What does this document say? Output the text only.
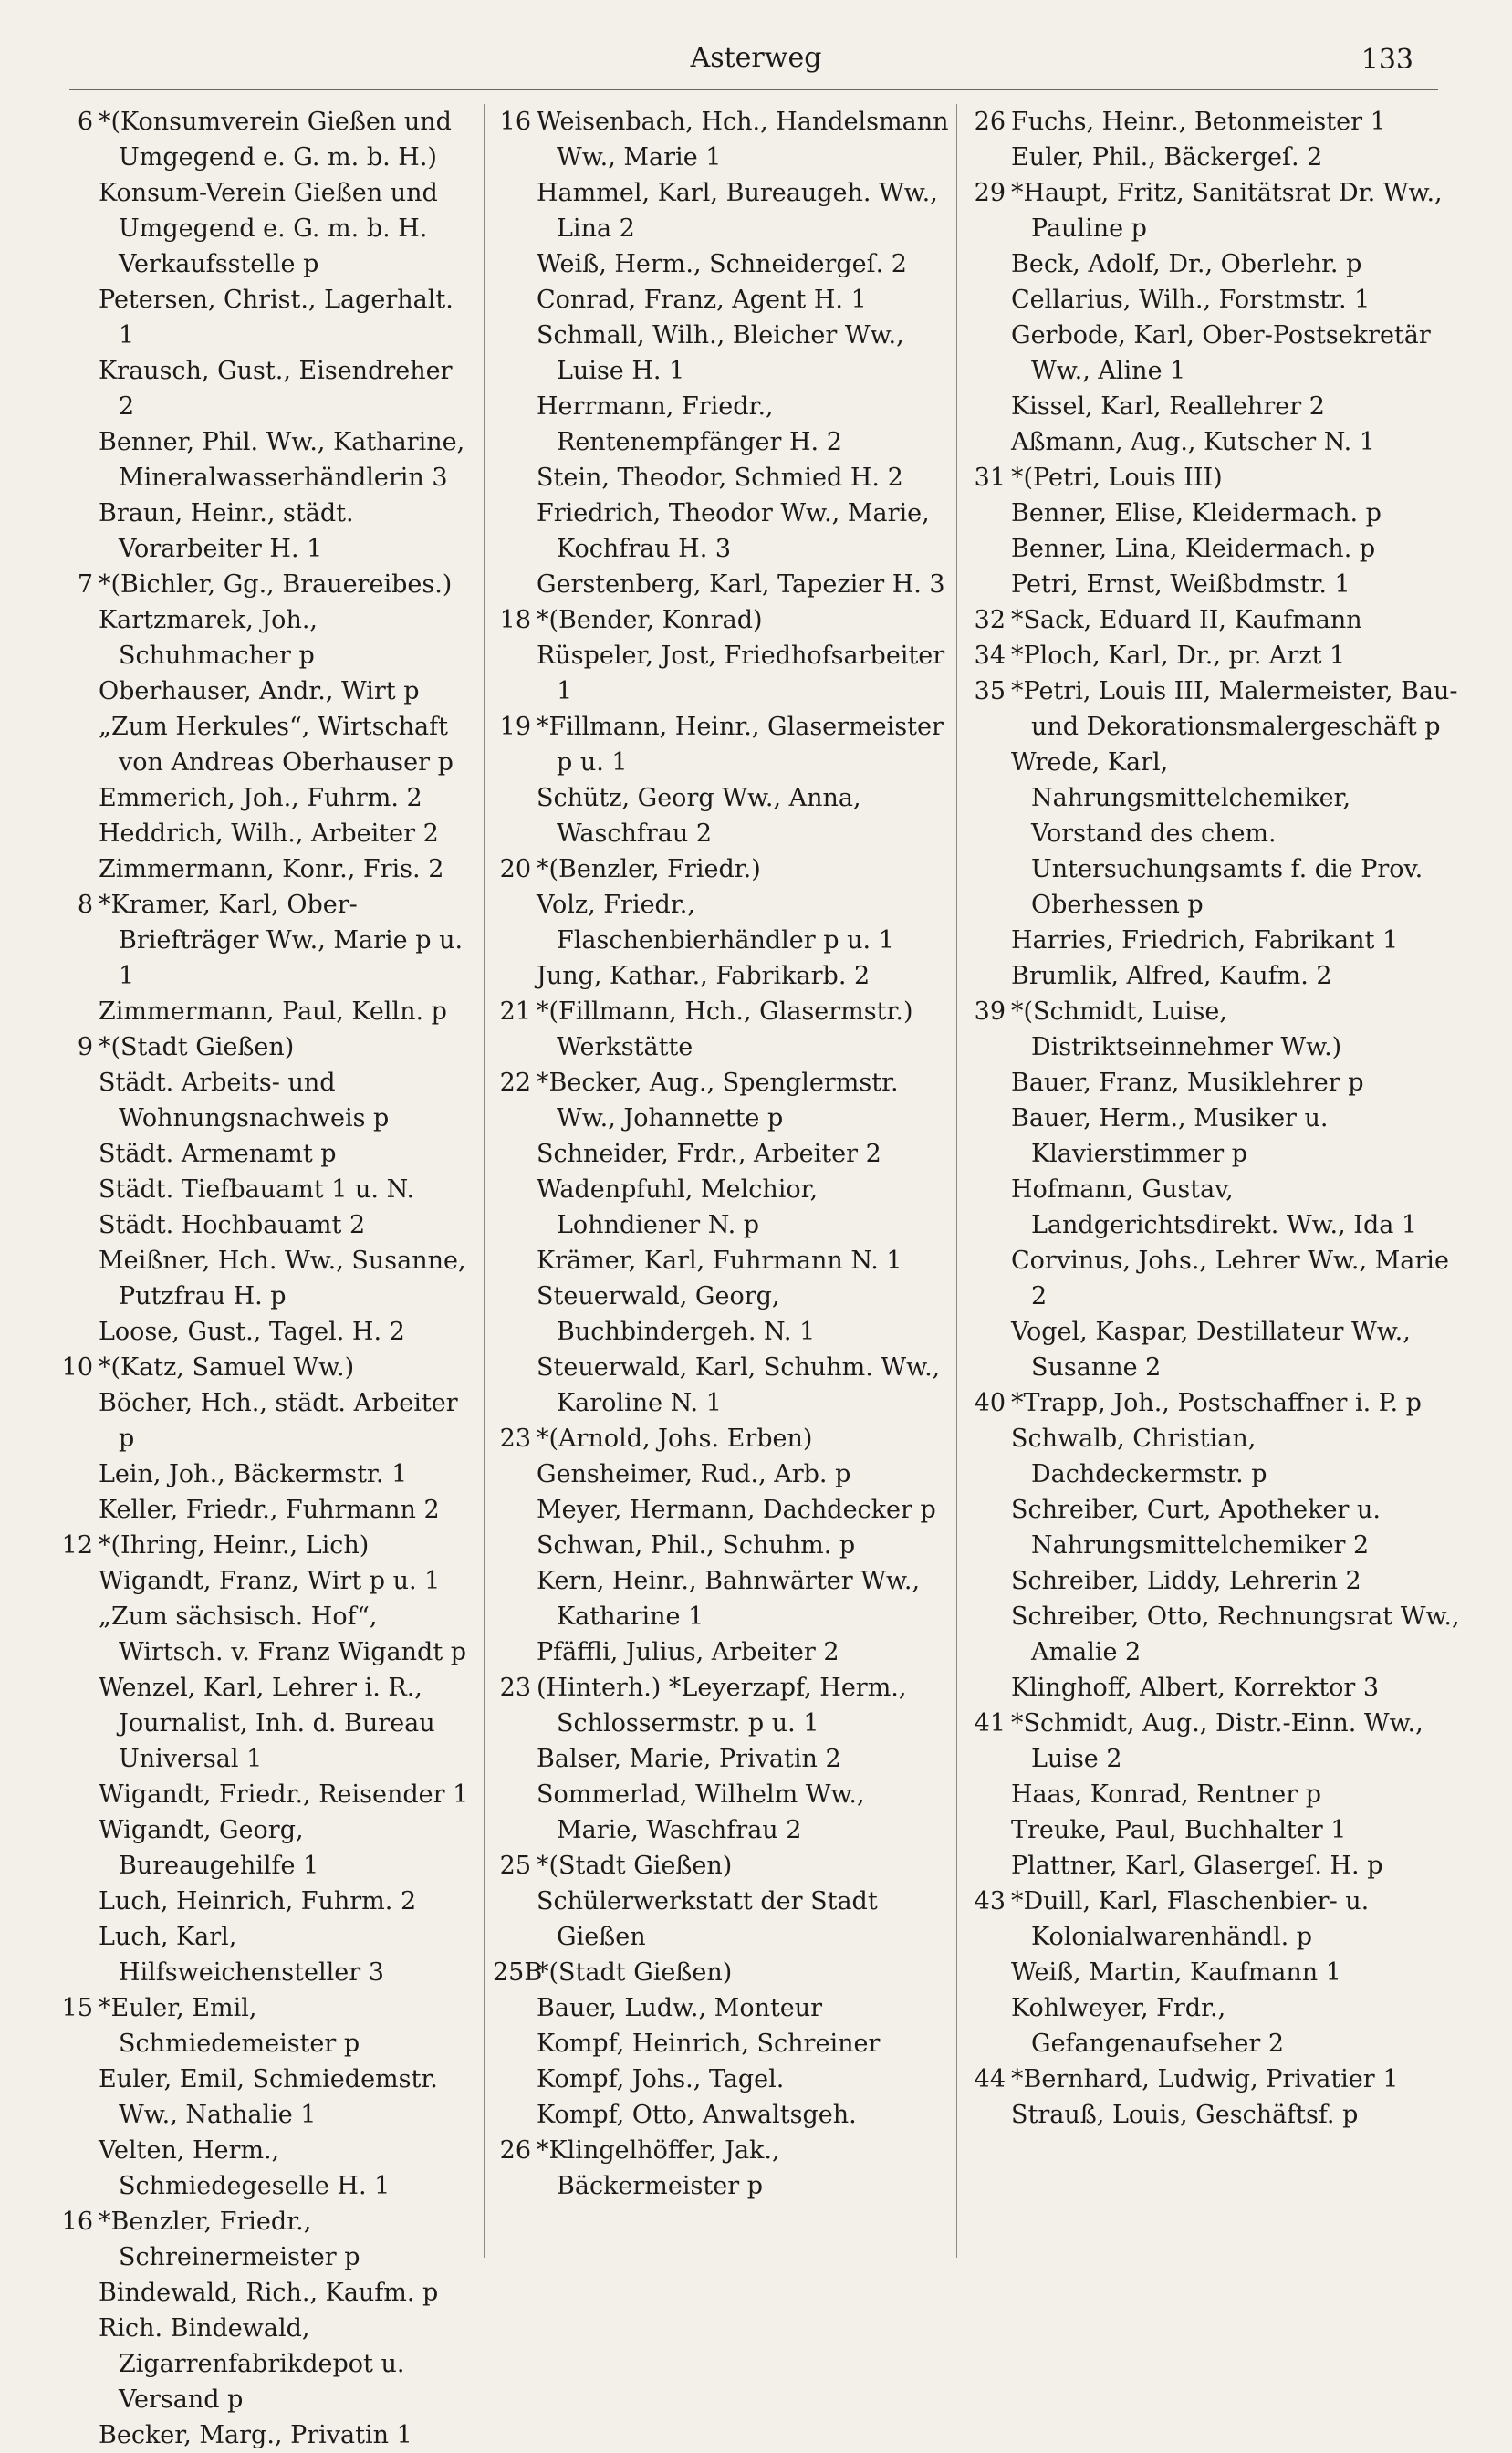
Asterweg	133
6 *(Konsumverein Gießen und Umgegend e. G. m. b. H.)
Konsum-Verein Gießen und Umgegend e. G. m. b. H. Verkaufsstelle p
Petersen, Christ., Lagerhalt. 1
Krausch, Gust., Eisendreher 2
Benner, Phil. Ww., Katharine, Mineralwasserhändlerin 3
Braun, Heinr., städt. Vorarbeiter H. 1
7 *(Bichler, Gg., Brauereibes.)
Kartzmarek, Joh., Schuhmacher p
Oberhauser, Andr., Wirt p
„Zum Herkules“, Wirtschaft von Andreas Oberhauser p
Emmerich, Joh., Fuhrm. 2
Heddrich, Wilh., Arbeiter 2
Zimmermann, Konr., Fris. 2
8 *Kramer, Karl, Ober-Briefträger Ww., Marie p u. 1
Zimmermann, Paul, Kelln. p
9 *(Stadt Gießen)
Städt. Arbeits- und Wohnungsnachweis p
Städt. Armenamt p
Städt. Tiefbauamt 1 u. N.
Städt. Hochbauamt 2
Meißner, Hch. Ww., Susanne, Putzfrau H. p
Loose, Gust., Tagel. H. 2
10 *(Katz, Samuel Ww.)
Böcher, Hch., städt. Arbeiter p
Lein, Joh., Bäckermstr. 1
Keller, Friedr., Fuhrmann 2
12 *(Ihring, Heinr., Lich)
Wigandt, Franz, Wirt p u. 1
„Zum sächsisch. Hof“, Wirtsch. v. Franz Wigandt p
Wenzel, Karl, Lehrer i. R., Journalist, Inh. d. Bureau Universal 1
Wigandt, Friedr., Reisender 1
Wigandt, Georg, Bureaugehilfe 1
Luch, Heinrich, Fuhrm. 2
Luch, Karl, Hilfsweichensteller 3
15 *Euler, Emil, Schmiedemeister p
Euler, Emil, Schmiedemstr. Ww., Nathalie 1
Velten, Herm., Schmiedegeselle H. 1
16 *Benzler, Friedr., Schreinermeister p
Bindewald, Rich., Kaufm. p
Rich. Bindewald, Zigarrenfabrikdepot u. Versand p
Becker, Marg., Privatin 1
16 Weisenbach, Hch., Handelsmann Ww., Marie 1
Hammel, Karl, Bureaugeh. Ww., Lina 2
Weiß, Herm., Schneidergeſ. 2
Conrad, Franz, Agent H. 1
Schmall, Wilh., Bleicher Ww., Luise H. 1
Herrmann, Friedr., Rentenempfänger H. 2
Stein, Theodor, Schmied H. 2
Friedrich, Theodor Ww., Marie, Kochfrau H. 3
Gerstenberg, Karl, Tapezier H. 3
18 *(Bender, Konrad)
Rüspeler, Jost, Friedhofsarbeiter 1
19 *Fillmann, Heinr., Glasermeister p u. 1
Schütz, Georg Ww., Anna, Waschfrau 2
20 *(Benzler, Friedr.)
Volz, Friedr., Flaschenbierhändler p u. 1
Jung, Kathar., Fabrikarb. 2
21 *(Fillmann, Hch., Glasermstr.) Werkstätte
22 *Becker, Aug., Spenglermstr. Ww., Johannette p
Schneider, Frdr., Arbeiter 2
Wadenpfuhl, Melchior, Lohndiener N. p
Krämer, Karl, Fuhrmann N. 1
Steuerwald, Georg, Buchbindergeh. N. 1
Steuerwald, Karl, Schuhm. Ww., Karoline N. 1
23 *(Arnold, Johs. Erben)
Gensheimer, Rud., Arb. p
Meyer, Hermann, Dachdecker p
Schwan, Phil., Schuhm. p
Kern, Heinr., Bahnwärter Ww., Katharine 1
Pfäffli, Julius, Arbeiter 2
23 (Hinterh.) *Leyerzapf, Herm., Schlossermstr. p u. 1
Balser, Marie, Privatin 2
Sommerlad, Wilhelm Ww., Marie, Waschfrau 2
25 *(Stadt Gießen)
Schülerwerkstatt der Stadt Gießen
25B
*(Stadt Gießen)
Bauer, Ludw., Monteur
Kompf, Heinrich, Schreiner
Kompf, Johs., Tagel.
Kompf, Otto, Anwaltsgeh.
26 *Klingelhöffer, Jak., Bäckermeister p
26 Fuchs, Heinr., Betonmeister 1
Euler, Phil., Bäckergeſ. 2
29 *Haupt, Fritz, Sanitätsrat Dr. Ww., Pauline p
Beck, Adolf, Dr., Oberlehr. p
Cellarius, Wilh., Forstmstr. 1
Gerbode, Karl, Ober-Postsekretär Ww., Aline 1
Kissel, Karl, Reallehrer 2
Aßmann, Aug., Kutscher N. 1
31 *(Petri, Louis III)
Benner, Elise, Kleidermach. p
Benner, Lina, Kleidermach. p
Petri, Ernst, Weißbdmstr. 1
32 *Sack, Eduard II, Kaufmann
34 *Ploch, Karl, Dr., pr. Arzt 1
35 *Petri, Louis III, Malermeister, Bau- und Dekorationsmalergeschäft p
Wrede, Karl, Nahrungsmittelchemiker, Vorstand des chem. Untersuchungsamts f. die Prov. Oberhessen p
Harries, Friedrich, Fabrikant 1
Brumlik, Alfred, Kaufm. 2
39 *(Schmidt, Luise, Distriktseinnehmer Ww.)
Bauer, Franz, Musiklehrer p
Bauer, Herm., Musiker u. Klavierstimmer p
Hofmann, Gustav, Landgerichtsdirekt. Ww., Ida 1
Corvinus, Johs., Lehrer Ww., Marie 2
Vogel, Kaspar, Destillateur Ww., Susanne 2
40 *Trapp, Joh., Postschaffner i. P. p
Schwalb, Christian, Dachdeckermstr. p
Schreiber, Curt, Apotheker u. Nahrungsmittelchemiker 2
Schreiber, Liddy, Lehrerin 2
Schreiber, Otto, Rechnungsrat Ww., Amalie 2
Klinghoff, Albert, Korrektor 3
41 *Schmidt, Aug., Distr.-Einn. Ww., Luise 2
Haas, Konrad, Rentner p
Treuke, Paul, Buchhalter 1
Plattner, Karl, Glasergeſ. H. p
43 *Duill, Karl, Flaschenbier- u. Kolonialwarenhändl. p
Weiß, Martin, Kaufmann 1
Kohlweyer, Frdr., Gefangenaufseher 2
44 *Bernhard, Ludwig, Privatier 1
Strauß, Louis, Geschäftsf. p
